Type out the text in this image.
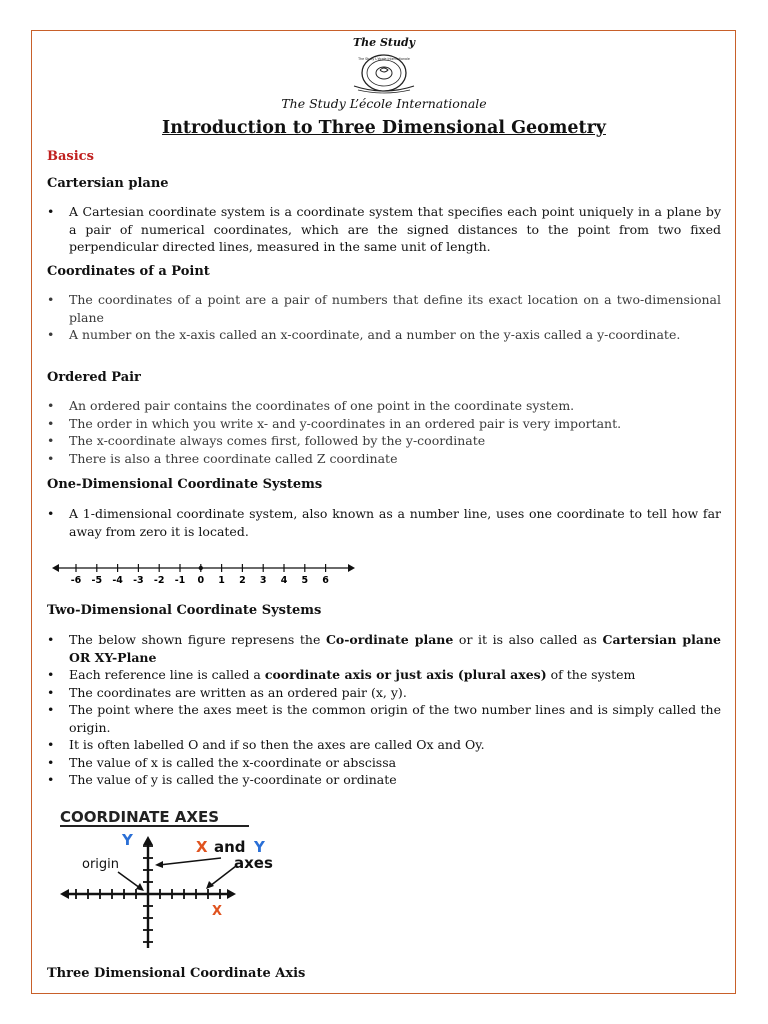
The Study
The Study L'école Internationale
The Study L’école Internationale
Introduction to Three Dimensional Geometry
Basics
Cartersian plane
• A Cartesian coordinate system is a coordinate system that specifies each point uniquely in a plane by a pair of numerical coordinates, which are the signed distances to the point from two fixed perpendicular directed lines, measured in the same unit of length.
Coordinates of a Point
• The coordinates of a point are a pair of numbers that define its exact location on a two-dimensional plane
• A number on the x-axis called an x-coordinate, and a number on the y-axis called a y-coordinate.
Ordered Pair
• An ordered pair contains the coordinates of one point in the coordinate system.
• The order in which you write x- and y-coordinates in an ordered pair is very important.
• The x-coordinate always comes first, followed by the y-coordinate
• There is also a three coordinate called Z coordinate
One-Dimensional Coordinate Systems
• A 1-dimensional coordinate system, also known as a number line, uses one coordinate to tell how far away from zero it is located.
-6 -5 -4 -3 -2 -1 0 1 2 3 4 5 6
Two-Dimensional Coordinate Systems
• The below shown figure represens the Co-ordinate plane or it is also called as Cartersian plane OR XY-Plane
• Each reference line is called a coordinate axis or just axis (plural axes) of the system
• The coordinates are written as an ordered pair (x, y).
• The point where the axes meet is the common origin of the two number lines and is simply called the origin.
• It is often labelled O and if so then the axes are called Ox and Oy.
• The value of x is called the x-coordinate or abscissa
• The value of y is called the y-coordinate or ordinate
COORDINATE AXES
Y	X and Y
axes
origin
X
Three Dimensional Coordinate Axis
